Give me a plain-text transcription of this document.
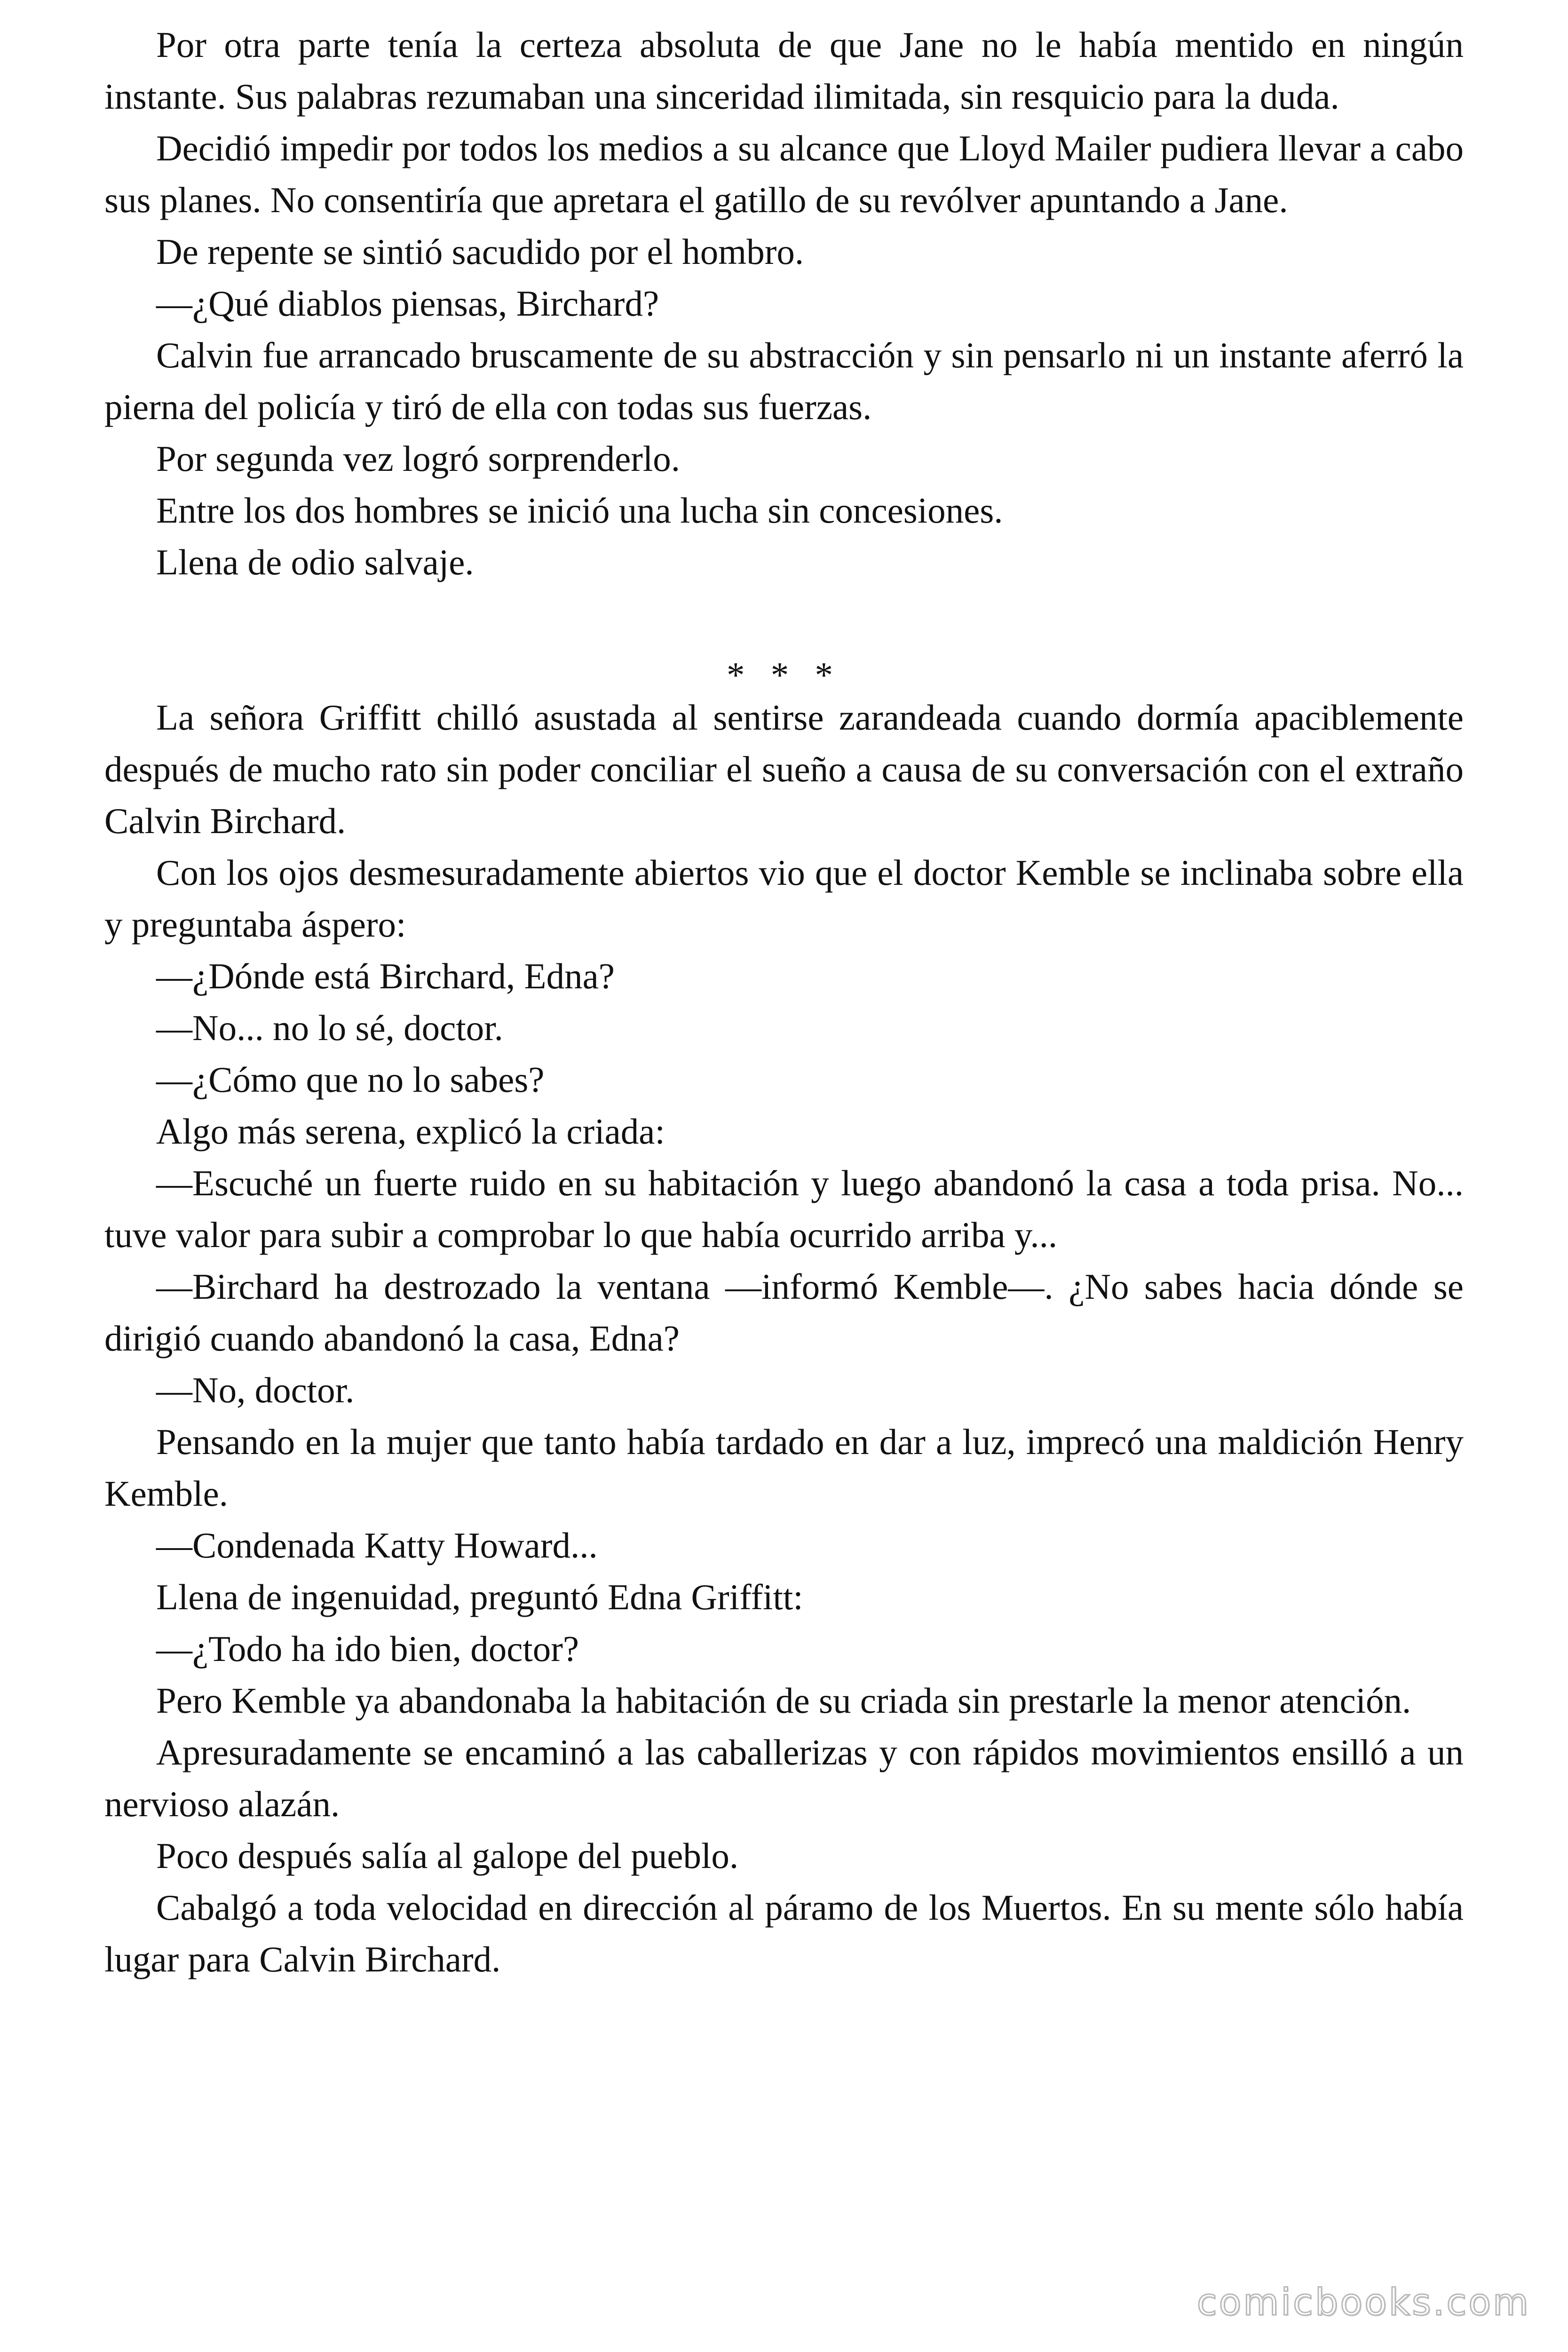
Por otra parte tenía la certeza absoluta de que Jane no le había mentido en ningún instante. Sus palabras rezumaban una sinceridad ilimitada, sin resquicio para la duda.

Decidió impedir por todos los medios a su alcance que Lloyd Mailer pudiera llevar a cabo sus planes. No consentiría que apretara el gatillo de su revólver apuntando a Jane.

De repente se sintió sacudido por el hombro.

—¿Qué diablos piensas, Birchard?

Calvin fue arrancado bruscamente de su abstracción y sin pensarlo ni un instante aferró la pierna del policía y tiró de ella con todas sus fuerzas.

Por segunda vez logró sorprenderlo.

Entre los dos hombres se inició una lucha sin concesiones.

Llena de odio salvaje.

* * *

La señora Griffitt chilló asustada al sentirse zarandeada cuando dormía apaciblemente después de mucho rato sin poder conciliar el sueño a causa de su conversación con el extraño Calvin Birchard.

Con los ojos desmesuradamente abiertos vio que el doctor Kemble se inclinaba sobre ella y preguntaba áspero:

—¿Dónde está Birchard, Edna?

—No... no lo sé, doctor.

—¿Cómo que no lo sabes?

Algo más serena, explicó la criada:

—Escuché un fuerte ruido en su habitación y luego abandonó la casa a toda prisa. No... tuve valor para subir a comprobar lo que había ocurrido arriba y...

—Birchard ha destrozado la ventana —informó Kemble—. ¿No sabes hacia dónde se dirigió cuando abandonó la casa, Edna?

—No, doctor.

Pensando en la mujer que tanto había tardado en dar a luz, imprecó una maldición Henry Kemble.

—Condenada Katty Howard...

Llena de ingenuidad, preguntó Edna Griffitt:

—¿Todo ha ido bien, doctor?

Pero Kemble ya abandonaba la habitación de su criada sin prestarle la menor atención.

Apresuradamente se encaminó a las caballerizas y con rápidos movimientos ensilló a un nervioso alazán.

Poco después salía al galope del pueblo.

Cabalgó a toda velocidad en dirección al páramo de los Muertos. En su mente sólo había lugar para Calvin Birchard.

comicbooks.com
